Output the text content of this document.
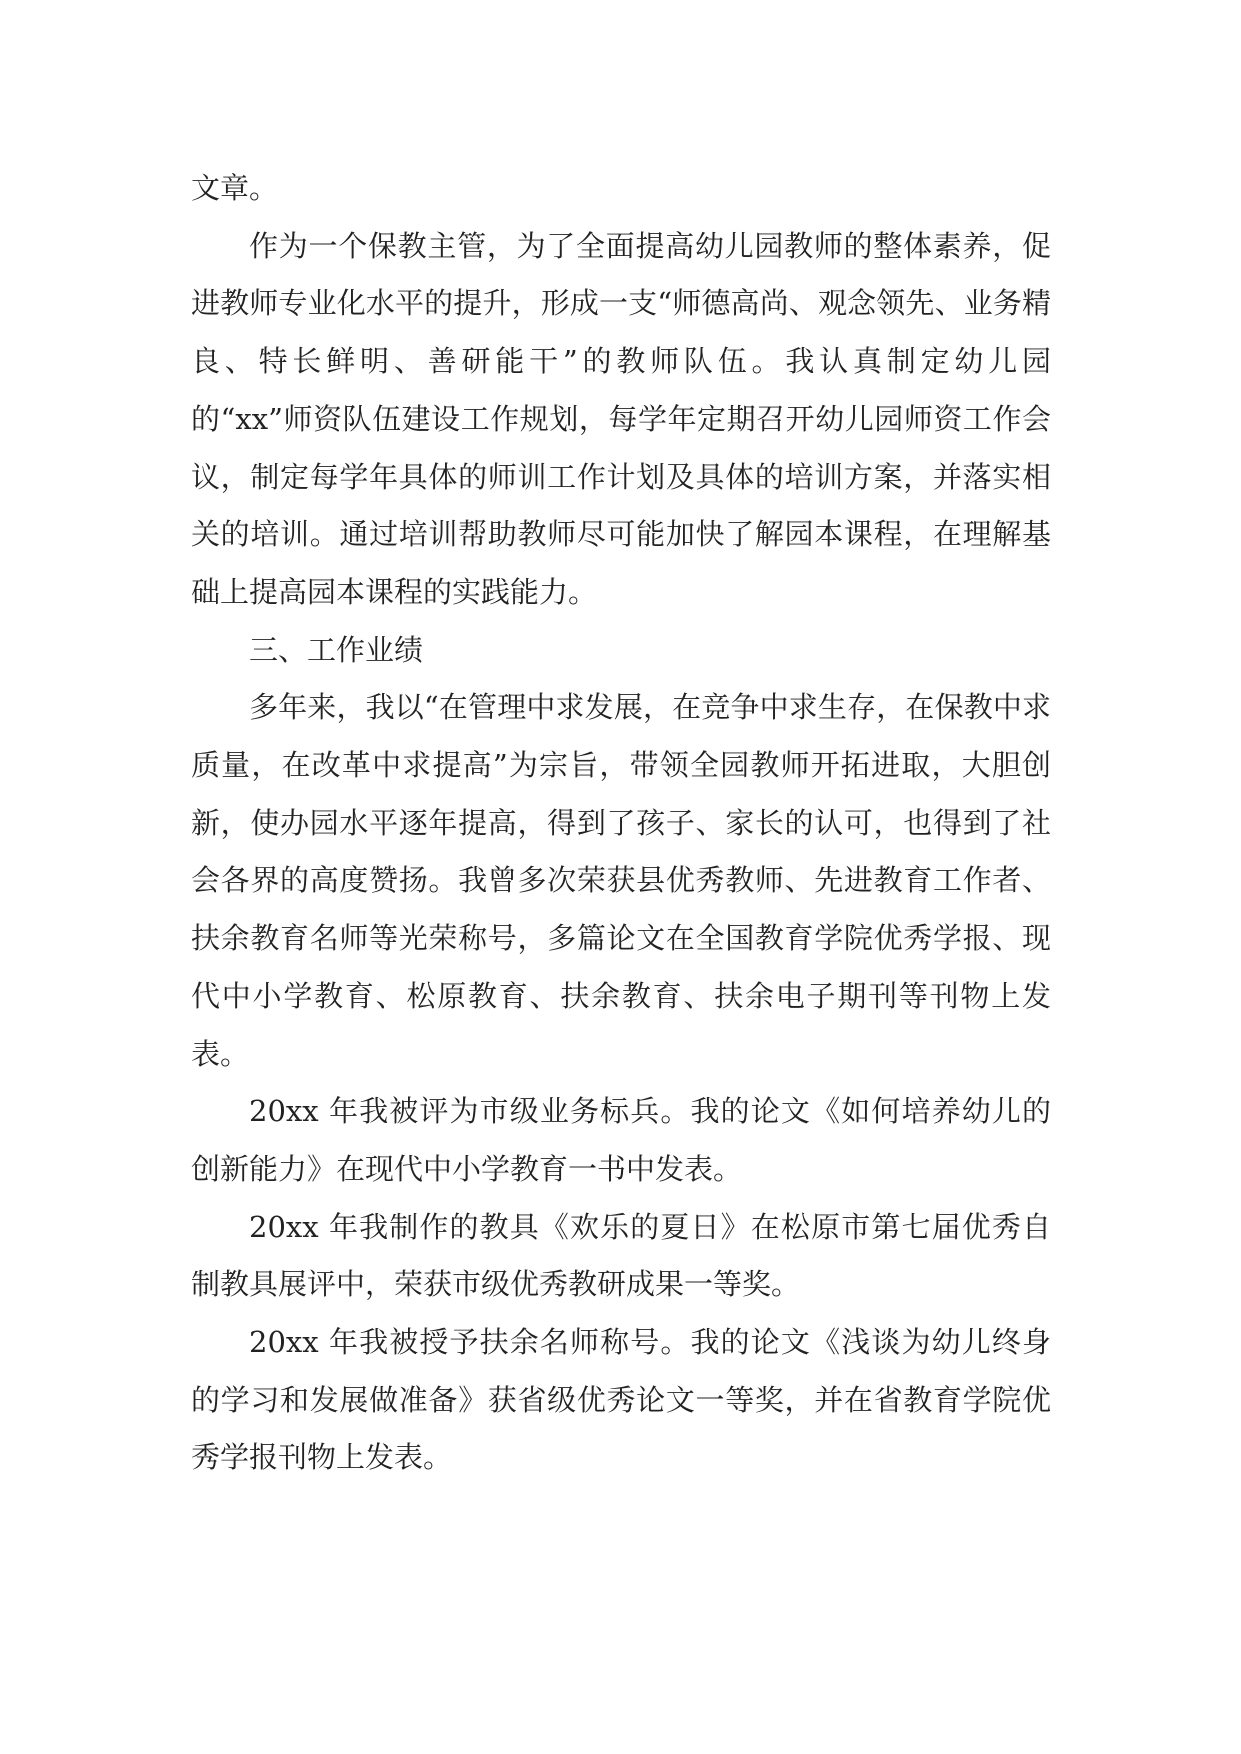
文章。

作为一个保教主管，为了全面提高幼儿园教师的整体素养，促进教师专业化水平的提升，形成一支“师德高尚、观念领先、业务精良、特长鲜明、善研能干”的教师队伍。我认真制定幼儿园的“xx”师资队伍建设工作规划，每学年定期召开幼儿园师资工作会议，制定每学年具体的师训工作计划及具体的培训方案，并落实相关的培训。通过培训帮助教师尽可能加快了解园本课程，在理解基础上提高园本课程的实践能力。

三、工作业绩

多年来，我以“在管理中求发展，在竞争中求生存，在保教中求质量，在改革中求提高”为宗旨，带领全园教师开拓进取，大胆创新，使办园水平逐年提高，得到了孩子、家长的认可，也得到了社会各界的高度赞扬。我曾多次荣获县优秀教师、先进教育工作者、扶余教育名师等光荣称号，多篇论文在全国教育学院优秀学报、现代中小学教育、松原教育、扶余教育、扶余电子期刊等刊物上发表。

20xx 年我被评为市级业务标兵。我的论文《如何培养幼儿的创新能力》在现代中小学教育一书中发表。

20xx 年我制作的教具《欢乐的夏日》在松原市第七届优秀自制教具展评中，荣获市级优秀教研成果一等奖。

20xx 年我被授予扶余名师称号。我的论文《浅谈为幼儿终身的学习和发展做准备》获省级优秀论文一等奖，并在省教育学院优秀学报刊物上发表。
